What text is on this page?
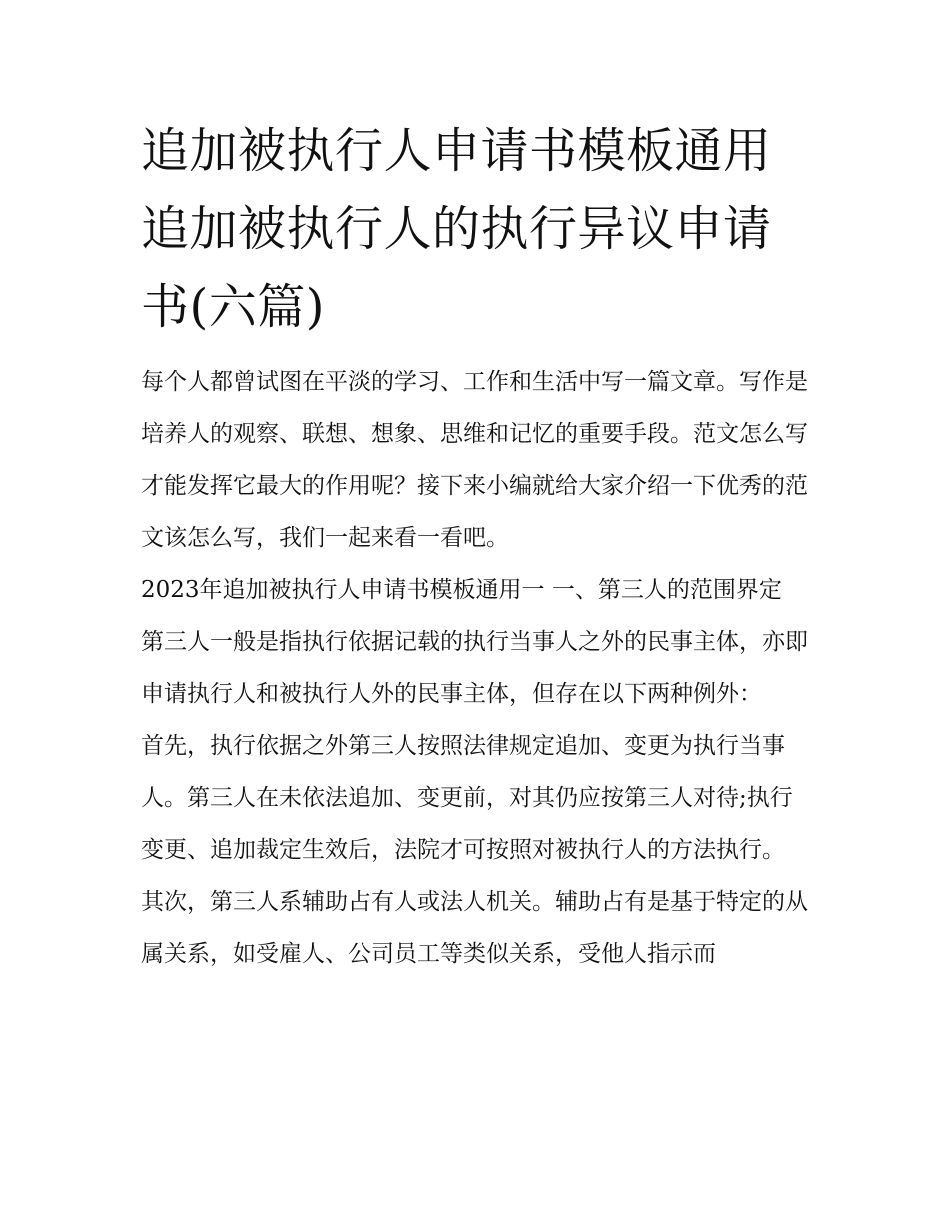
追加被执行人申请书模板通用追加被执行人的执行异议申请书(六篇)

每个人都曾试图在平淡的学习、工作和生活中写一篇文章。写作是培养人的观察、联想、想象、思维和记忆的重要手段。范文怎么写才能发挥它最大的作用呢？接下来小编就给大家介绍一下优秀的范文该怎么写，我们一起来看一看吧。

2023年追加被执行人申请书模板通用一 一、第三人的范围界定

第三人一般是指执行依据记载的执行当事人之外的民事主体，亦即申请执行人和被执行人外的民事主体，但存在以下两种例外：

首先，执行依据之外第三人按照法律规定追加、变更为执行当事人。第三人在未依法追加、变更前，对其仍应按第三人对待;执行变更、追加裁定生效后，法院才可按照对被执行人的方法执行。

其次，第三人系辅助占有人或法人机关。辅助占有是基于特定的从属关系，如受雇人、公司员工等类似关系，受他人指示而
